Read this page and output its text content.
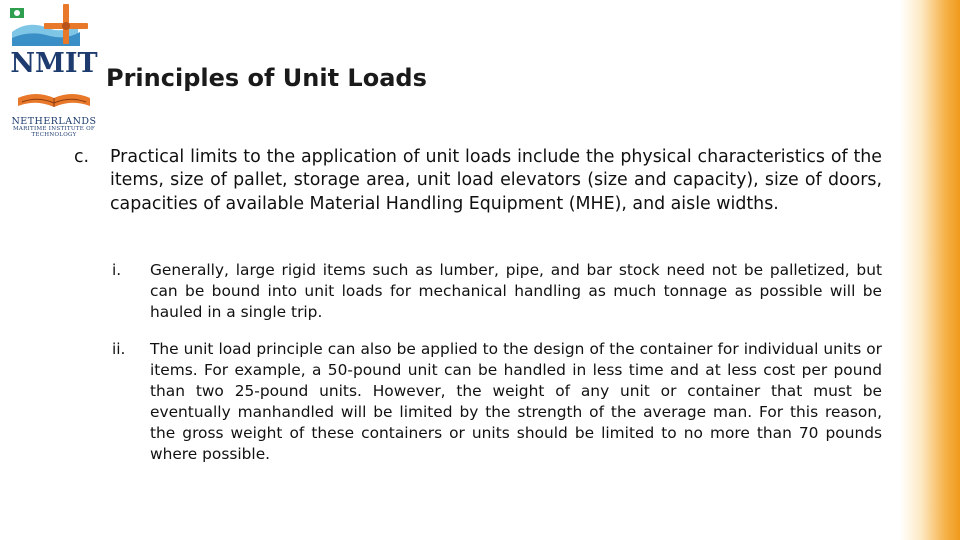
NMIT
NETHERLANDS
MARITIME INSTITUTE OF TECHNOLOGY
Principles of Unit Loads
c. Practical limits to the application of unit loads include the physical characteristics of the items, size of pallet, storage area, unit load elevators (size and capacity), size of doors, capacities of available Material Handling Equipment (MHE), and aisle widths.
i. Generally, large rigid items such as lumber, pipe, and bar stock need not be palletized, but can be bound into unit loads for mechanical handling as much tonnage as possible will be hauled in a single trip.
ii. The unit load principle can also be applied to the design of the container for individual units or items. For example, a 50-pound unit can be handled in less time and at less cost per pound than two 25-pound units. However, the weight of any unit or container that must be eventually manhandled will be limited by the strength of the average man. For this reason, the gross weight of these containers or units should be limited to no more than 70 pounds where possible.
